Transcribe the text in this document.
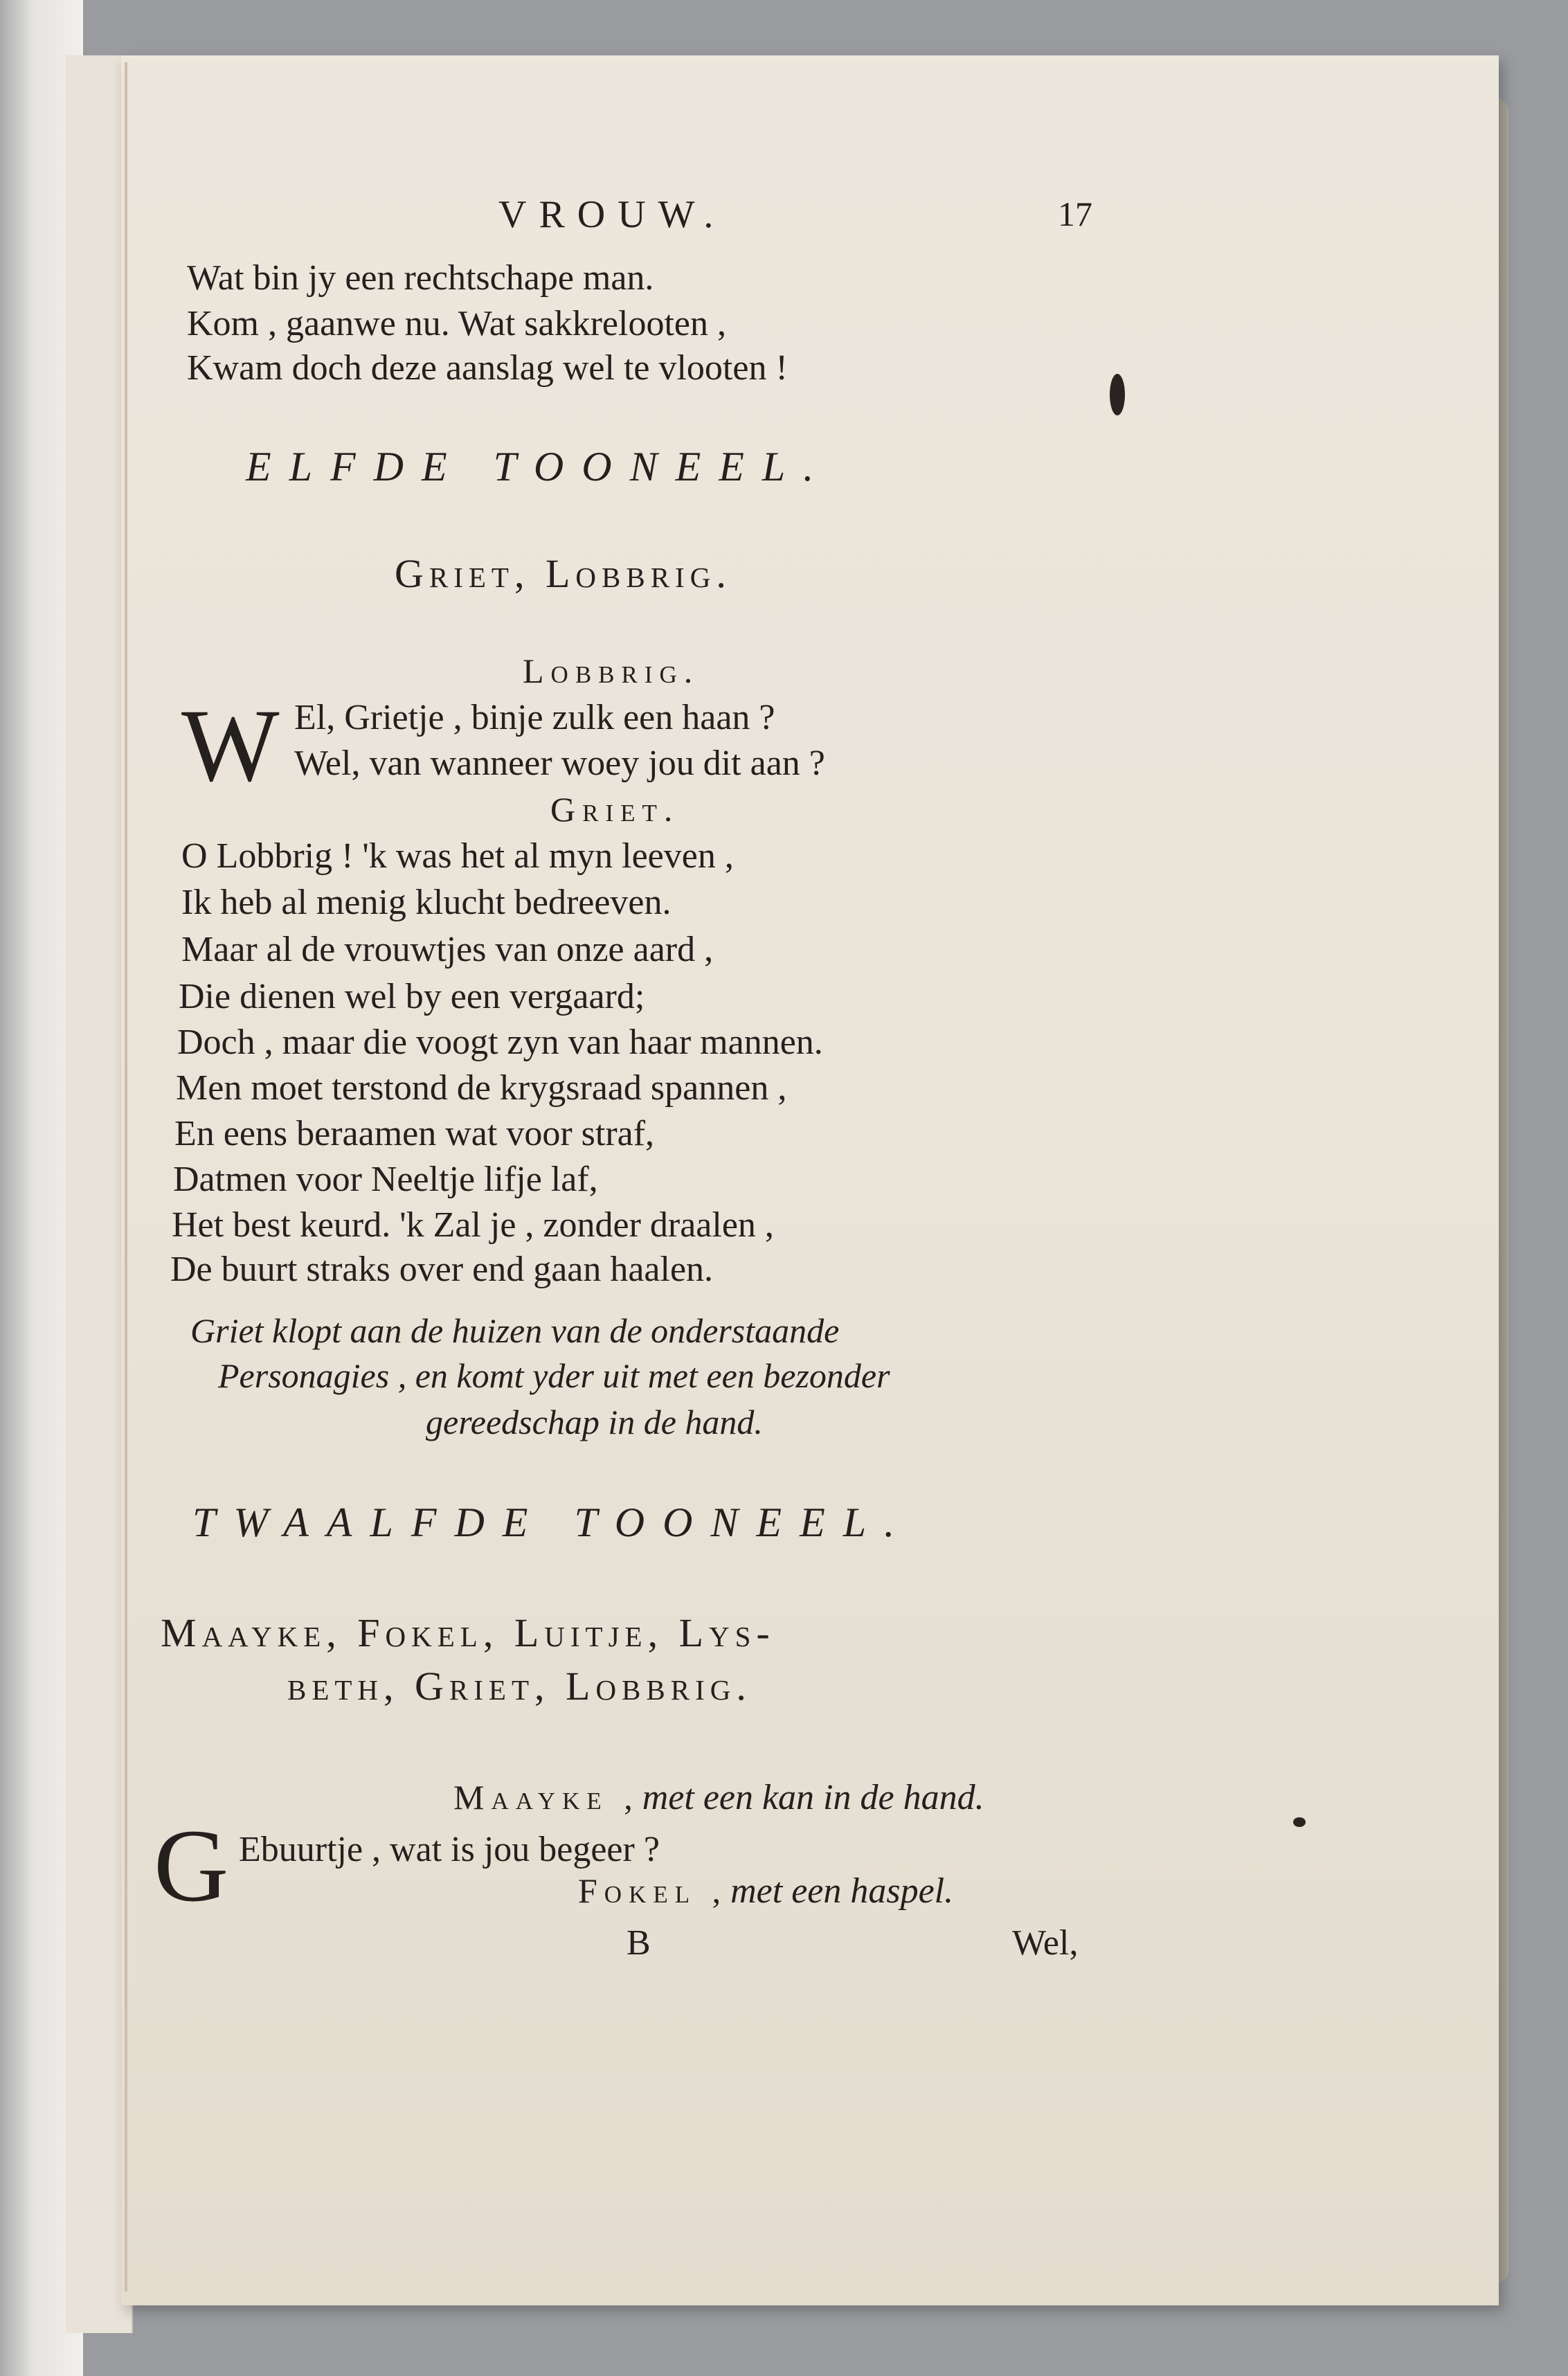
VROUW.	17
Wat bin jy een rechtschape man.
Kom , gaanwe nu. Wat sakkrelooten ,
Kwam doch deze aanslag wel te vlooten !
ELFDE TOONEEL.
Griet, Lobbrig.
Lobbrig.
W El, Grietje , binje zulk een haan ?
Wel, van wanneer woey jou dit aan ?
Griet.
O Lobbrig ! 'k was het al myn leeven ,
Ik heb al menig klucht bedreeven.
Maar al de vrouwtjes van onze aard ,
Die dienen wel by een vergaard;
Doch , maar die voogt zyn van haar mannen.
Men moet terstond de krygsraad spannen ,
En eens beraamen wat voor straf,
Datmen voor Neeltje lifje laf,
Het best keurd. 'k Zal je , zonder draalen ,
De buurt straks over end gaan haalen.
Griet klopt aan de huizen van de onderstaande
Personagies , en komt yder uit met een bezonder
gereedschap in de hand.
TWAALFDE TOONEEL.
Maayke, Fokel, Luitje, Lys-
beth, Griet, Lobbrig.
Maayke , met een kan in de hand.
G Ebuurtje , wat is jou begeer ?
Fokel , met een haspel.
B	Wel,
